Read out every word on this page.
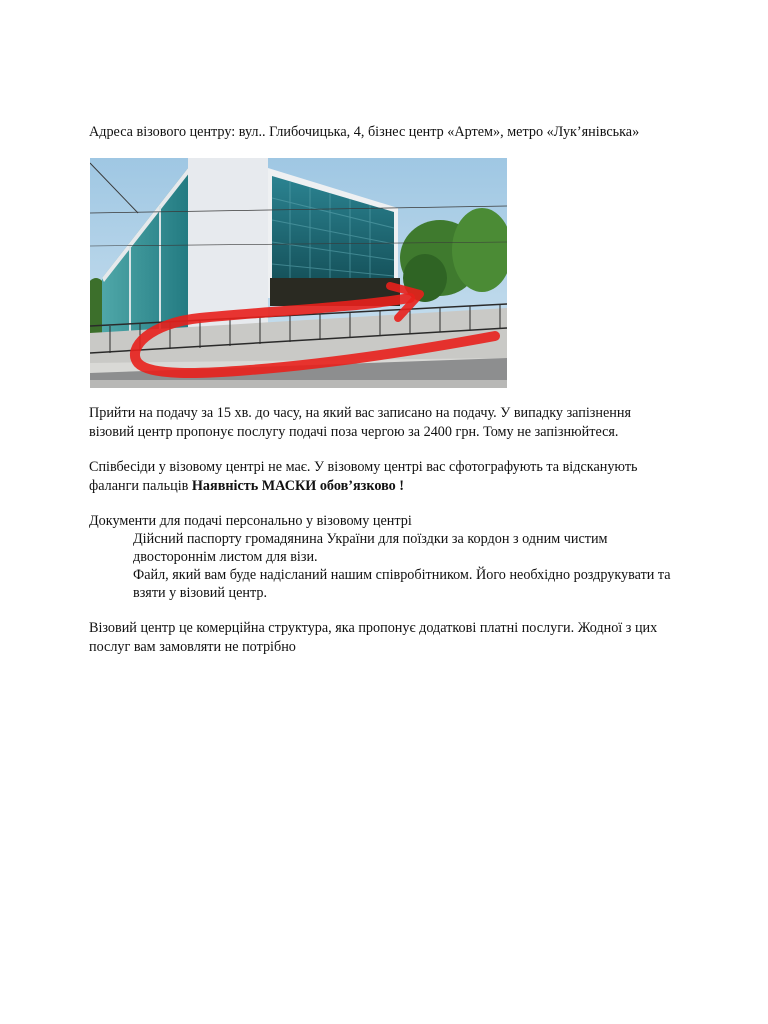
Адреса візового центру: вул.. Глибочицька, 4, бізнес центр «Артем», метро «Лук’янівська»
Прийти на подачу за 15 хв. до часу, на який вас записано на подачу. У випадку запізнення
візовий центр пропонує послугу подачі поза чергою за 2400 грн. Тому не запізнюйтеся.
Співбесіди у візовому центрі не має. У візовому центрі вас сфотографують та відсканують
фаланги пальців Наявність МАСКИ обов’язково !
Документи для подачі персонально у візовому центрі
Дійсний паспорту громадянина України для поїздки за кордон з одним чистим
двостороннім листом для візи.
Файл, який вам буде надісланий нашим співробітником. Його необхідно роздрукувати та
взяти у візовий центр.
Візовий центр це комерційна структура, яка пропонує додаткові платні послуги. Жодної з цих
послуг вам замовляти не потрібно
